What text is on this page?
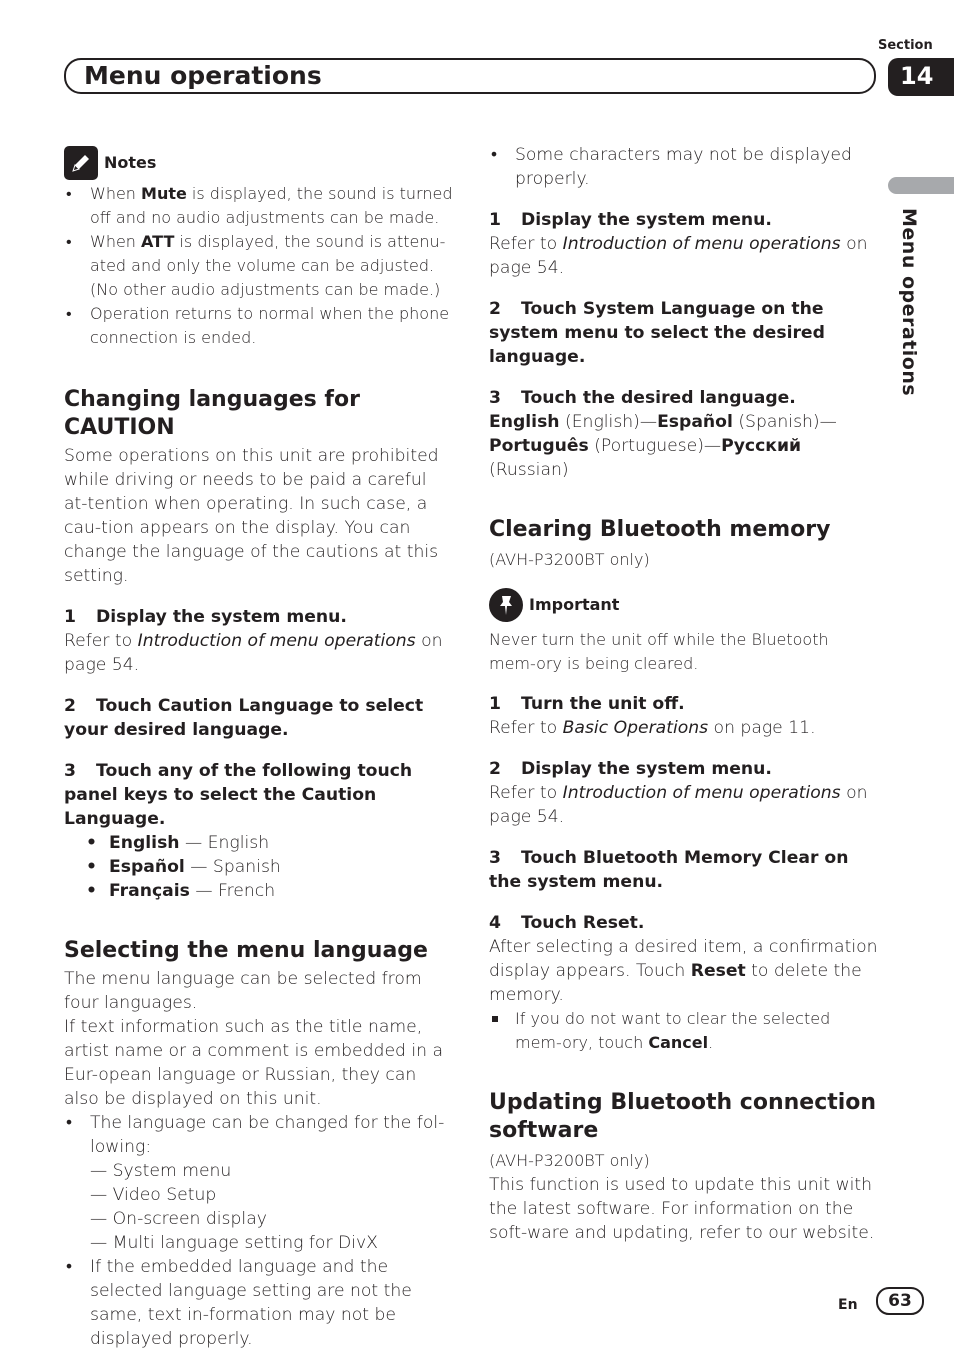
Section
Menu operations	14
Menu operations
Notes
• When Mute is displayed, the sound is turned off and no audio adjustments can be made.
• When ATT is displayed, the sound is attenu-ated and only the volume can be adjusted. (No other audio adjustments can be made.)
• Operation returns to normal when the phone connection is ended.
Changing languages for CAUTION

Some operations on this unit are prohibited while driving or needs to be paid a careful at-tention when operating. In such case, a cau-tion appears on the display. You can change the language of the cautions at this setting.

1 Display the system menu.

Refer to Introduction of menu operations on page 54.

2 Touch Caution Language to select your desired language.

3 Touch any of the following touch panel keys to select the Caution Language.

• English — English
• Español — Spanish
• Français — French
Selecting the menu language

The menu language can be selected from four languages.

If text information such as the title name, artist name or a comment is embedded in a Eur-opean language or Russian, they can also be displayed on this unit.

• The language can be changed for the fol-lowing:

— System menu

— Video Setup

— On-screen display

— Multi language setting for DivX

• If the embedded language and the selected language setting are not the same, text in-formation may not be displayed properly.
• Some characters may not be displayed properly.

1 Display the system menu.

Refer to Introduction of menu operations on page 54.

2 Touch System Language on the system menu to select the desired language.

3 Touch the desired language.

English (English)—Español (Spanish)—
Português (Portuguese)—Русский (Russian)

Clearing Bluetooth memory

(AVH-P3200BT only)

Important

Never turn the unit off while the Bluetooth mem-ory is being cleared.

1 Turn the unit off.

Refer to Basic Operations on page 11.

2 Display the system menu.

Refer to Introduction of menu operations on page 54.

3 Touch Bluetooth Memory Clear on the system menu.

4 Touch Reset.

After selecting a desired item, a confirmation display appears. Touch Reset to delete the memory.

If you do not want to clear the selected mem-ory, touch Cancel.

Updating Bluetooth connection software

(AVH-P3200BT only)

This function is used to update this unit with the latest software. For information on the soft-ware and updating, refer to our website.

En	63
